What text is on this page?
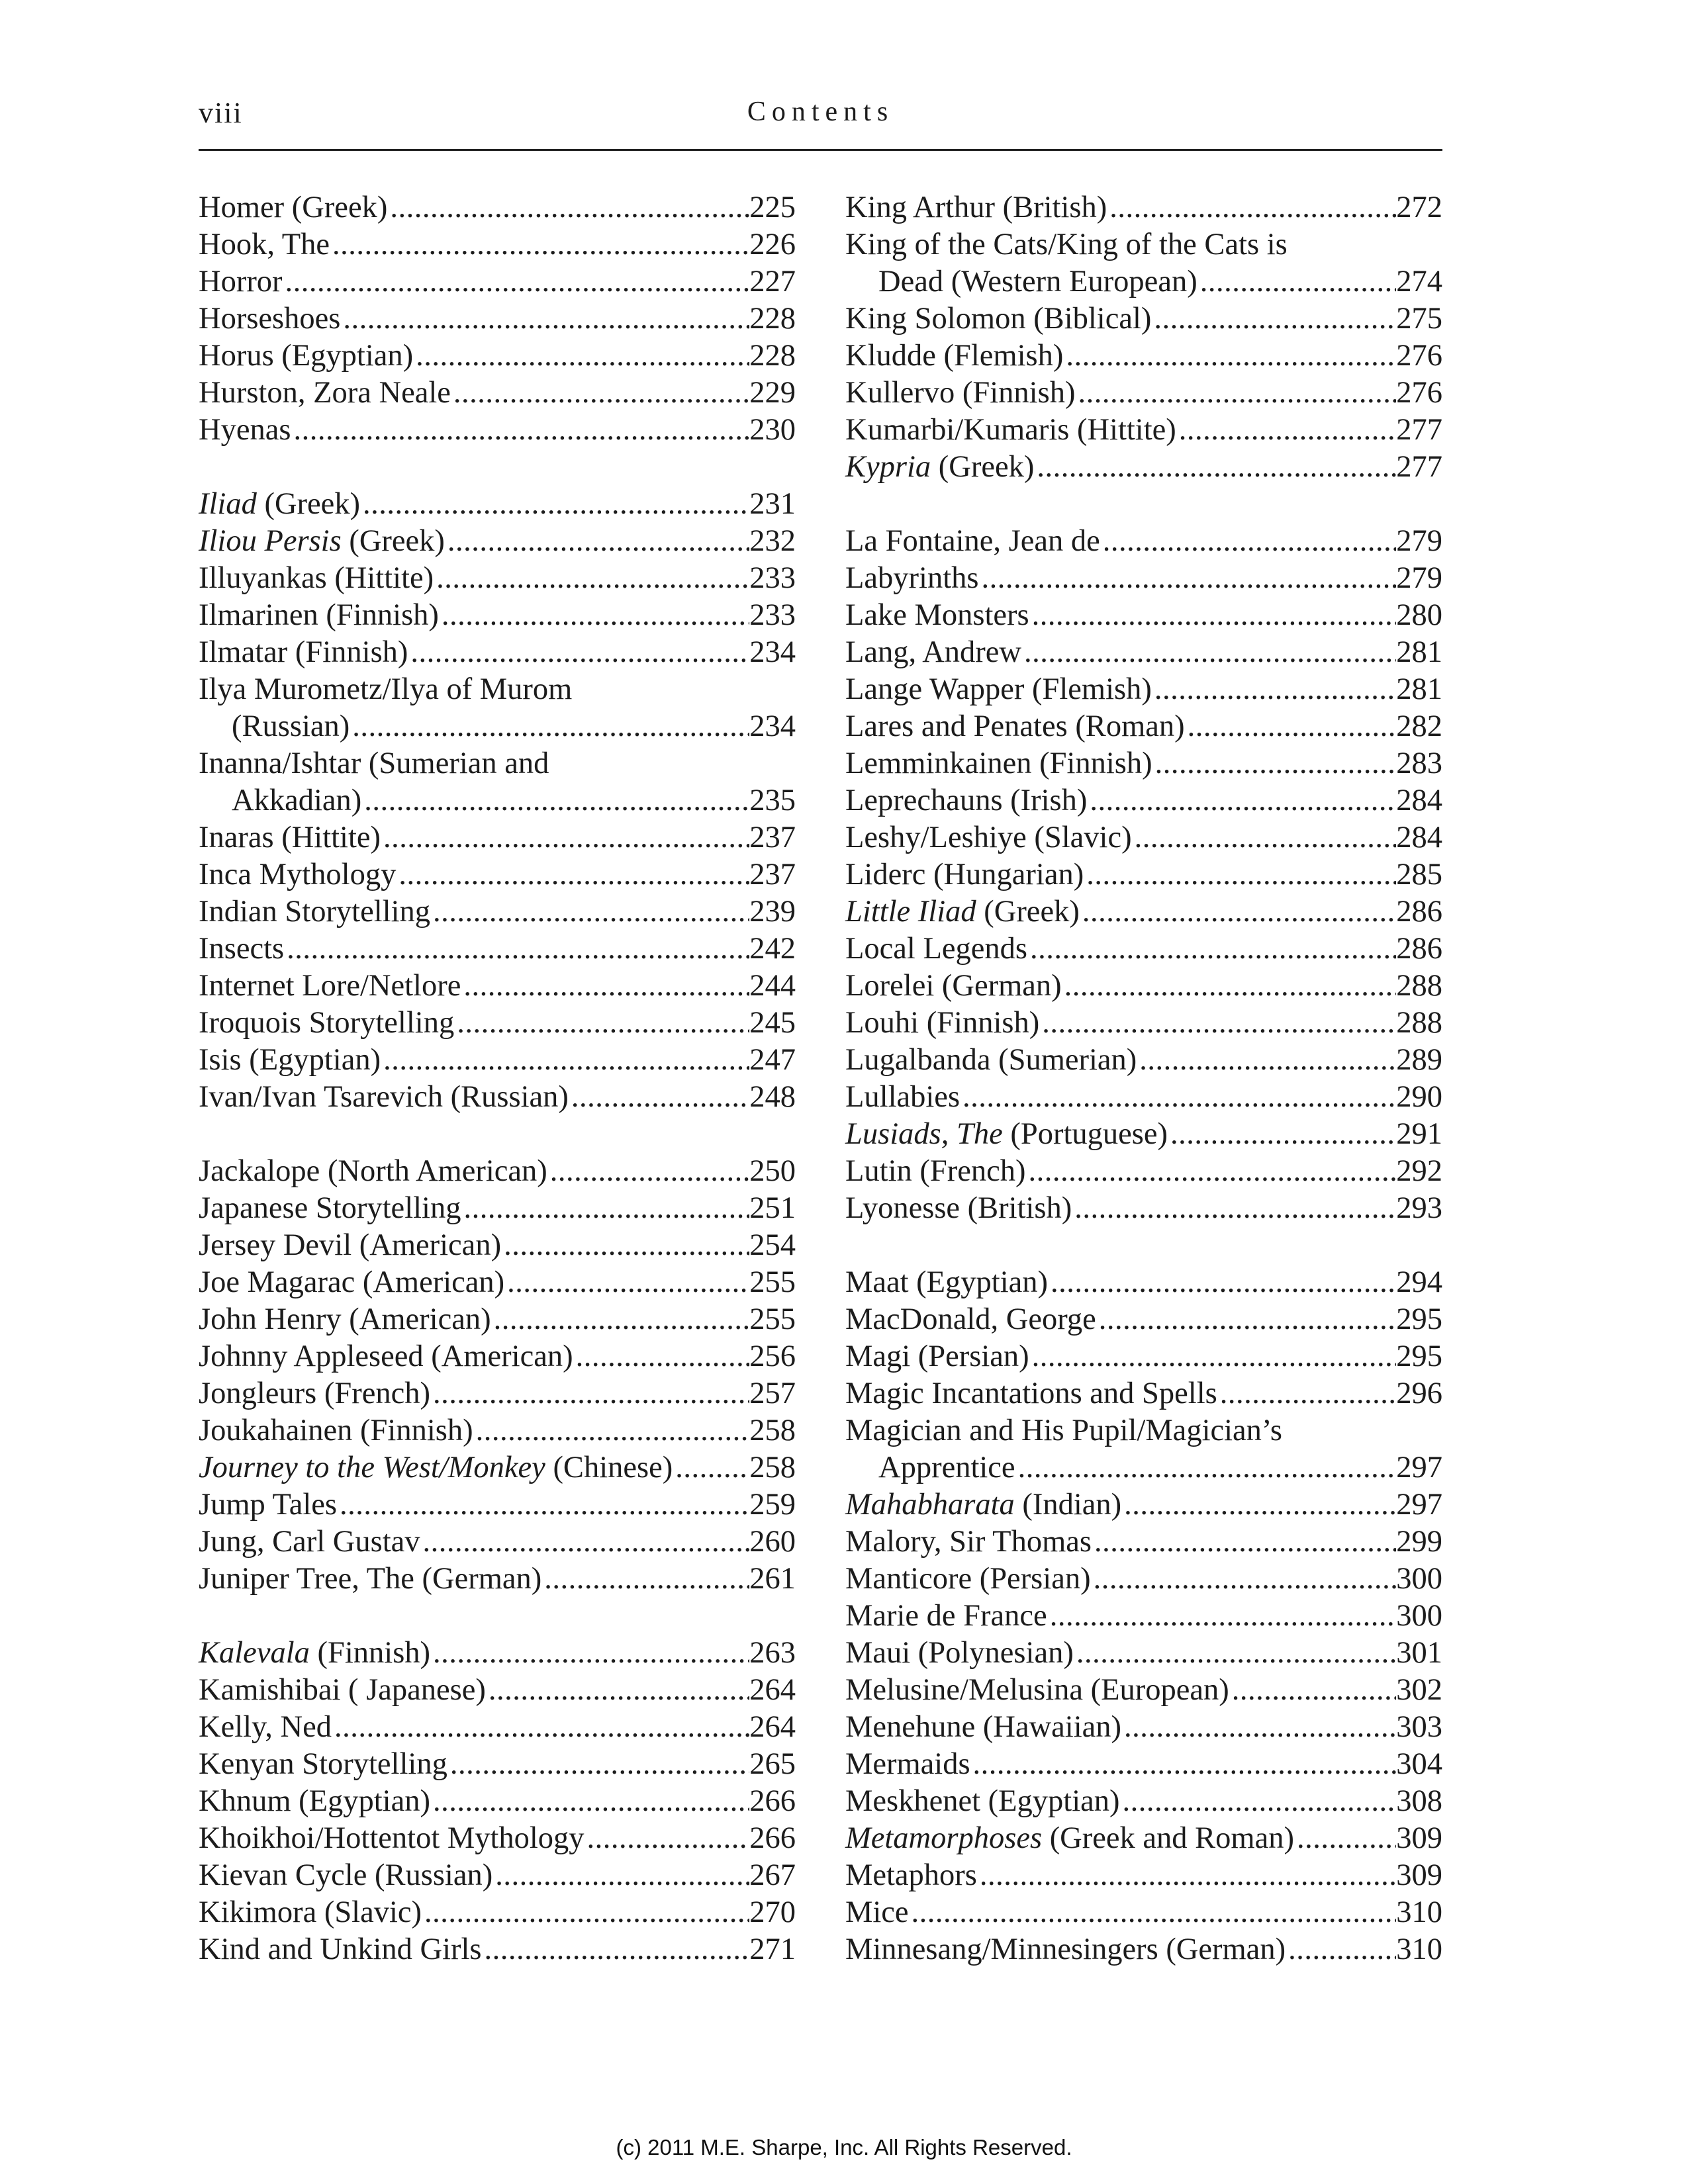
viii	Contents
Homer (Greek) .....	225
Hook, The .....	226
Horror .....	227
Horseshoes .....	228
Horus (Egyptian) .....	228
Hurston, Zora Neale .....	229
Hyenas .....	230
Iliad (Greek) .....	231
Iliou Persis (Greek) .....	232
Illuyankas (Hittite) .....	233
Ilmarinen (Finnish) .....	233
Ilmatar (Finnish) .....	234
Ilya Murometz/Ilya of Murom
(Russian) .....	234
Inanna/Ishtar (Sumerian and
Akkadian) .....	235
Inaras (Hittite) .....	237
Inca Mythology .....	237
Indian Storytelling .....	239
Insects .....	242
Internet Lore/Netlore .....	244
Iroquois Storytelling .....	245
Isis (Egyptian) .....	247
Ivan/Ivan Tsarevich (Russian) .....	248
Jackalope (North American) .....	250
Japanese Storytelling .....	251
Jersey Devil (American) .....	254
Joe Magarac (American) .....	255
John Henry (American) .....	255
Johnny Appleseed (American) .....	256
Jongleurs (French) .....	257
Joukahainen (Finnish) .....	258
Journey to the West/Monkey (Chinese) ..... 258
Jump Tales .....	259
Jung, Carl Gustav .....	260
Juniper Tree, The (German) .....	261
Kalevala (Finnish) .....	263
Kamishibai ( Japanese) .....	264
Kelly, Ned .....	264
Kenyan Storytelling .....	265
Khnum (Egyptian) .....	266
Khoikhoi/Hottentot Mythology .....	266
Kievan Cycle (Russian) .....	267
Kikimora (Slavic) .....	270
Kind and Unkind Girls .....	271
King Arthur (British) .....	272
King of the Cats/King of the Cats is
Dead (Western European) .....	274
King Solomon (Biblical) .....	275
Kludde (Flemish) .....	276
Kullervo (Finnish) .....	276
Kumarbi/Kumaris (Hittite) .....	277
Kypria (Greek) .....	277
La Fontaine, Jean de .....	279
Labyrinths .....	279
Lake Monsters .....	280
Lang, Andrew .....	281
Lange Wapper (Flemish) .....	281
Lares and Penates (Roman) .....	282
Lemminkainen (Finnish) .....	283
Leprechauns (Irish) .....	284
Leshy/Leshiye (Slavic) .....	284
Liderc (Hungarian) .....	285
Little Iliad (Greek) .....	286
Local Legends .....	286
Lorelei (German) .....	288
Louhi (Finnish) .....	288
Lugalbanda (Sumerian) .....	289
Lullabies .....	290
Lusiads, The (Portuguese) .....	291
Lutin (French) .....	292
Lyonesse (British) .....	293
Maat (Egyptian) .....	294
MacDonald, George .....	295
Magi (Persian) .....	295
Magic Incantations and Spells .....	296
Magician and His Pupil/Magician’s
Apprentice .....	297
Mahabharata (Indian) .....	297
Malory, Sir Thomas .....	299
Manticore (Persian) .....	300
Marie de France .....	300
Maui (Polynesian) .....	301
Melusine/Melusina (European) .....	302
Menehune (Hawaiian) .....	303
Mermaids .....	304
Meskhenet (Egyptian) .....	308
Metamorphoses (Greek and Roman) .....	309
Metaphors .....	309
Mice .....	310
Minnesang/Minnesingers (German) .....	310
(c) 2011 M.E. Sharpe, Inc. All Rights Reserved.
